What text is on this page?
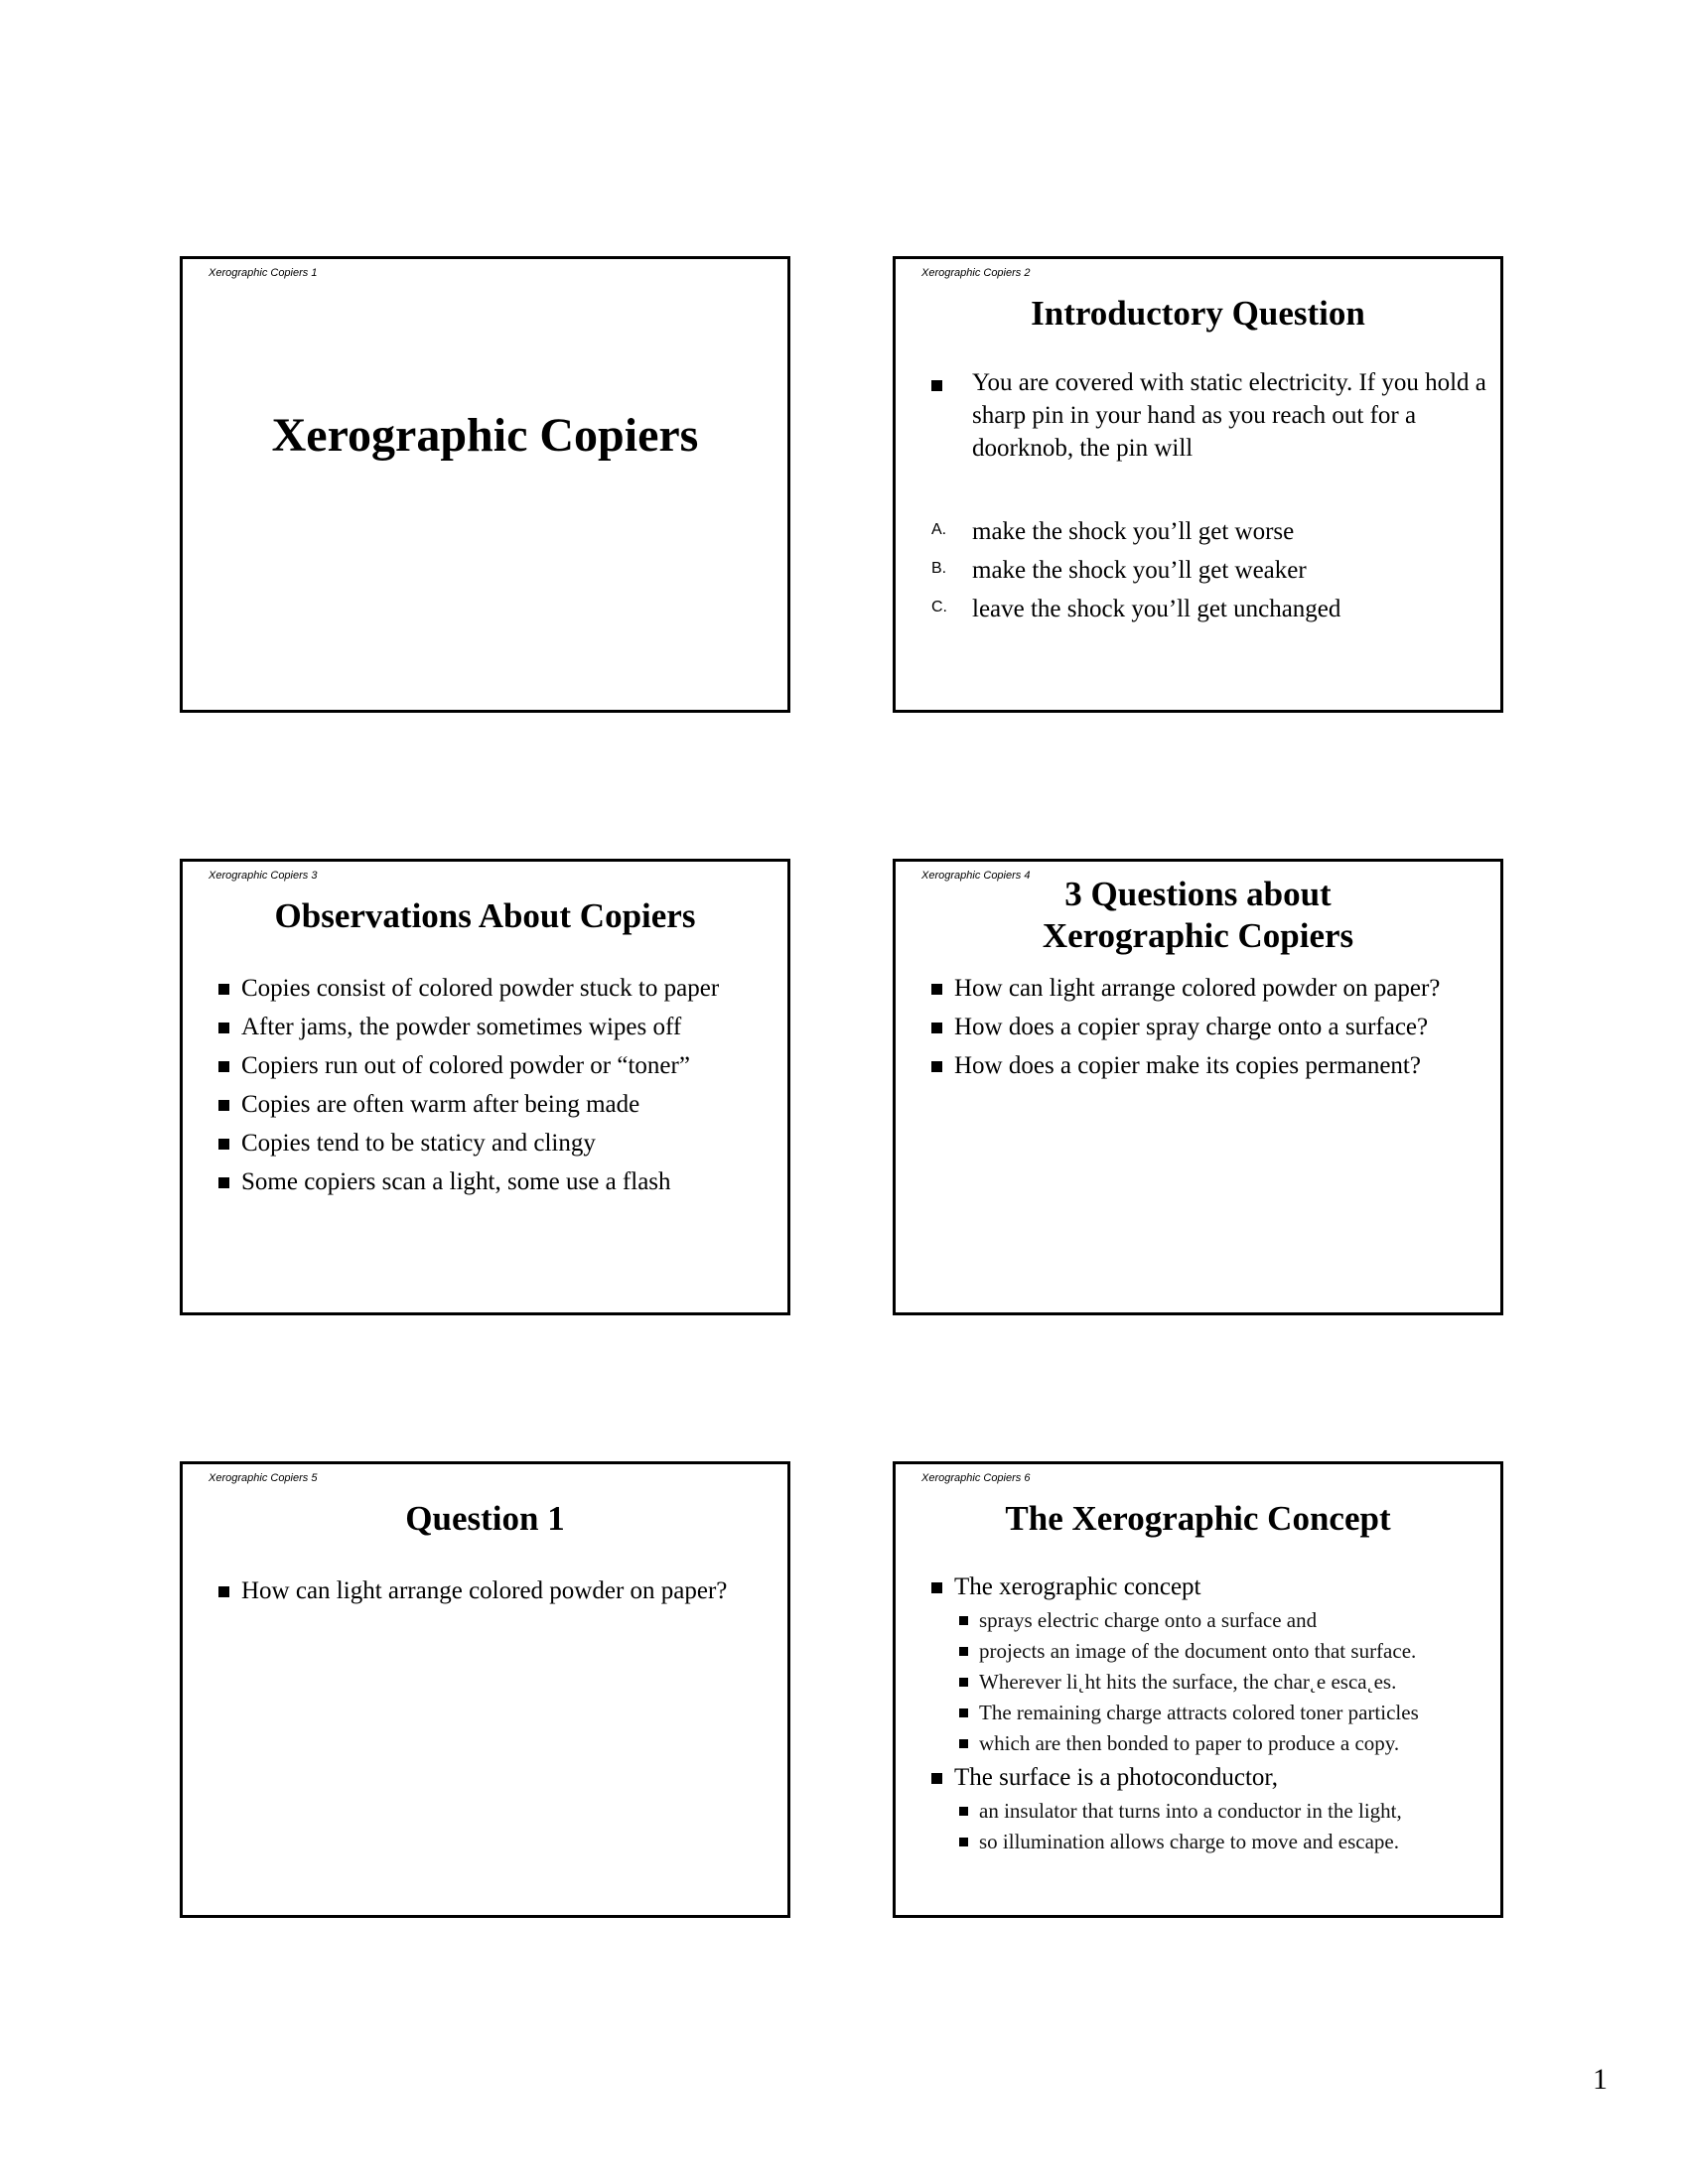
Xerographic Copiers 1
Xerographic Copiers
Xerographic Copiers 2
Introductory Question
You are covered with static electricity. If you hold a sharp pin in your hand as you reach out for a doorknob, the pin will
A. make the shock you’ll get worse
B. make the shock you’ll get weaker
C. leave the shock you’ll get unchanged
Xerographic Copiers 3
Observations About Copiers
Copies consist of colored powder stuck to paper
After jams, the powder sometimes wipes off
Copiers run out of colored powder or “toner”
Copies are often warm after being made
Copies tend to be staticy and clingy
Some copiers scan a light, some use a flash
Xerographic Copiers 4 3 Questions about
Xerographic Copiers
How can light arrange colored powder on paper?
How does a copier spray charge onto a surface?
How does a copier make its copies permanent?
Xerographic Copiers 5
Question 1
How can light arrange colored powder on paper?
Xerographic Copiers 6
The Xerographic Concept
The xerographic concept
sprays electric charge onto a surface and
projects an image of the document onto that surface.
Wherever li˛ht hits the surface, the char˛e esca˛es.
The remaining charge attracts colored toner particles
which are then bonded to paper to produce a copy.
The surface is a photoconductor,
an insulator that turns into a conductor in the light,
so illumination allows charge to move and escape.
1
